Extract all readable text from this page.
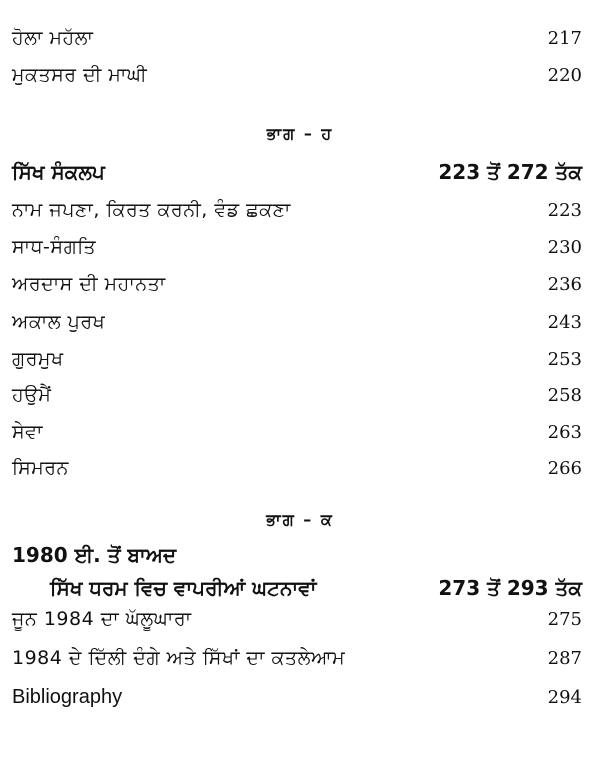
ਹੋਲਾ ਮਹੱਲਾ	217
ਮੁਕਤਸਰ ਦੀ ਮਾਘੀ	220
ਭਾਗ – ਹ
ਸਿੱਖ ਸੰਕਲਪ	223 ਤੋਂ 272 ਤੱਕ
ਨਾਮ ਜਪਣਾ, ਕਿਰਤ ਕਰਨੀ, ਵੰਡ ਛਕਣਾ	223
ਸਾਧ-ਸੰਗਤਿ	230
ਅਰਦਾਸ ਦੀ ਮਹਾਨਤਾ	236
ਅਕਾਲ ਪੁਰਖ	243
ਗੁਰਮੁਖ	253
ਹਉਮੈਂ	258
ਸੇਵਾ	263
ਸਿਮਰਨ	266
ਭਾਗ – ਕ
1980 ਈ. ਤੋਂ ਬਾਅਦ
ਸਿੱਖ ਧਰਮ ਵਿਚ ਵਾਪਰੀਆਂ ਘਟਨਾਵਾਂ	273 ਤੋਂ 293 ਤੱਕ
ਜੂਨ 1984 ਦਾ ਘੱਲੂਘਾਰਾ	275
1984 ਦੇ ਦਿੱਲੀ ਦੰਗੇ ਅਤੇ ਸਿੱਖਾਂ ਦਾ ਕਤਲੇਆਮ	287
Bibliography	294
